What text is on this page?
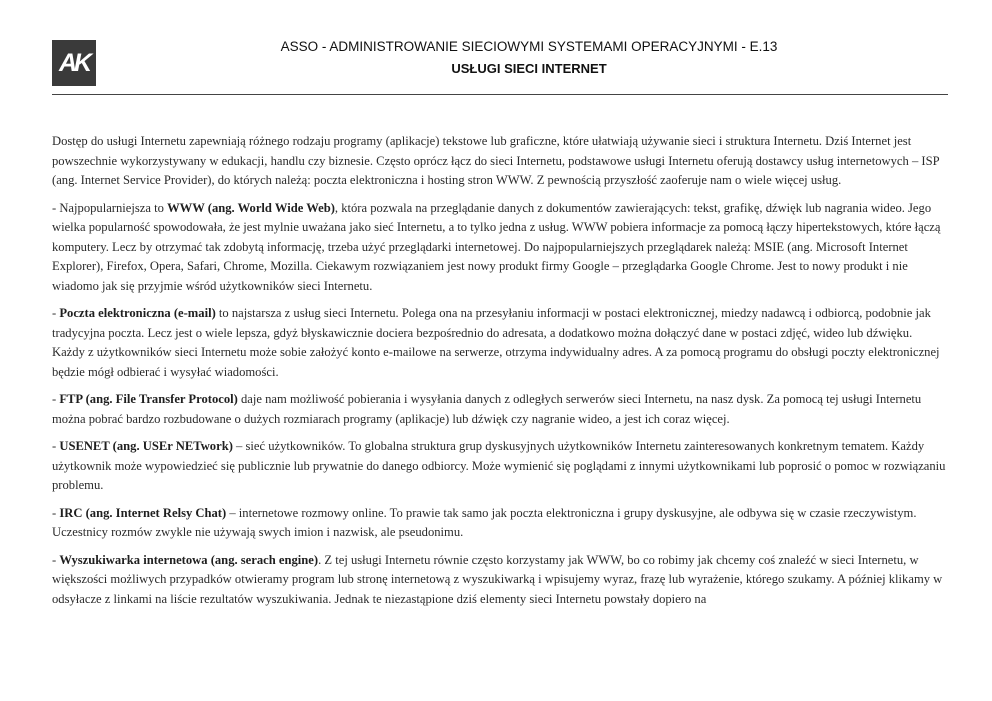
AK
ASSO - ADMINISTROWANIE SIECIOWYMI SYSTEMAMI OPERACYJNYMI - E.13
USŁUGI SIECI INTERNET

Dostęp do usługi Internetu zapewniają różnego rodzaju programy (aplikacje) tekstowe lub graficzne, które ułatwiają używanie sieci i struktura Internetu. Dziś Internet jest powszechnie wykorzystywany w edukacji, handlu czy biznesie. Często oprócz łącz do sieci Internetu, podstawowe usługi Internetu oferują dostawcy usług internetowych – ISP (ang. Internet Service Provider), do których należą: poczta elektroniczna i hosting stron WWW. Z pewnością przyszłość zaoferuje nam o wiele więcej usług.

- Najpopularniejsza to WWW (ang. World Wide Web), która pozwala na przeglądanie danych z dokumentów zawierających: tekst, grafikę, dźwięk lub nagrania wideo. Jego wielka popularność spowodowała, że jest mylnie uważana jako sieć Internetu, a to tylko jedna z usług. WWW pobiera informacje za pomocą łączy hipertekstowych, które łączą komputery. Lecz by otrzymać tak zdobytą informację, trzeba użyć przeglądarki internetowej. Do najpopularniejszych przeglądarek należą: MSIE (ang. Microsoft Internet Explorer), Firefox, Opera, Safari, Chrome, Mozilla. Ciekawym rozwiązaniem jest nowy produkt firmy Google – przeglądarka Google Chrome. Jest to nowy produkt i nie wiadomo jak się przyjmie wśród użytkowników sieci Internetu.

- Poczta elektroniczna (e-mail) to najstarsza z usług sieci Internetu. Polega ona na przesyłaniu informacji w postaci elektronicznej, miedzy nadawcą i odbiorcą, podobnie jak tradycyjna poczta. Lecz jest o wiele lepsza, gdyż błyskawicznie dociera bezpośrednio do adresata, a dodatkowo można dołączyć dane w postaci zdjęć, wideo lub dźwięku. Każdy z użytkowników sieci Internetu może sobie założyć konto e-mailowe na serwerze, otrzyma indywidualny adres. A za pomocą programu do obsługi poczty elektronicznej będzie mógł odbierać i wysyłać wiadomości.

- FTP (ang. File Transfer Protocol) daje nam możliwość pobierania i wysyłania danych z odległych serwerów sieci Internetu, na nasz dysk. Za pomocą tej usługi Internetu można pobrać bardzo rozbudowane o dużych rozmiarach programy (aplikacje) lub dźwięk czy nagranie wideo, a jest ich coraz więcej.

- USENET (ang. USEr NETwork) – sieć użytkowników. To globalna struktura grup dyskusyjnych użytkowników Internetu zainteresowanych konkretnym tematem. Każdy użytkownik może wypowiedzieć się publicznie lub prywatnie do danego odbiorcy. Może wymienić się poglądami z innymi użytkownikami lub poprosić o pomoc w rozwiązaniu problemu.

- IRC (ang. Internet Relsy Chat) – internetowe rozmowy online. To prawie tak samo jak poczta elektroniczna i grupy dyskusyjne, ale odbywa się w czasie rzeczywistym. Uczestnicy rozmów zwykle nie używają swych imion i nazwisk, ale pseudonimu.

- Wyszukiwarka internetowa (ang. serach engine). Z tej usługi Internetu równie często korzystamy jak WWW, bo co robimy jak chcemy coś znaleźć w sieci Internetu, w większości możliwych przypadków otwieramy program lub stronę internetową z wyszukiwarką i wpisujemy wyraz, frazę lub wyrażenie, którego szukamy. A później klikamy w odsyłacze z linkami na liście rezultatów wyszukiwania. Jednak te niezastąpione dziś elementy sieci Internetu powstały dopiero na
